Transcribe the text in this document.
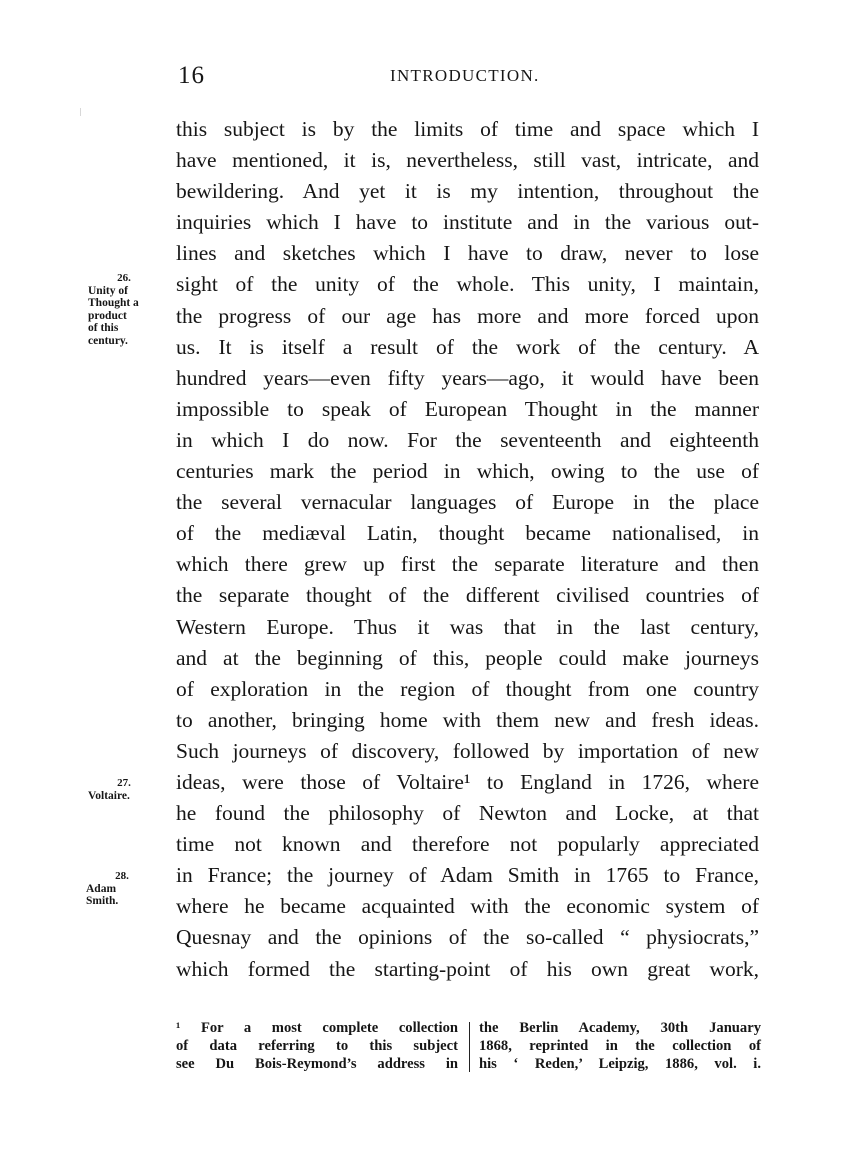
16	INTRODUCTION.
this subject is by the limits of time and space which I
have mentioned, it is, nevertheless, still vast, intricate, and
bewildering. And yet it is my intention, throughout the
inquiries which I have to institute and in the various out-
lines and sketches which I have to draw, never to lose
sight of the unity of the whole. This unity, I maintain,
the progress of our age has more and more forced upon
us. It is itself a result of the work of the century. A
hundred years—even fifty years—ago, it would have been
impossible to speak of European Thought in the manner
in which I do now. For the seventeenth and eighteenth
centuries mark the period in which, owing to the use of
the several vernacular languages of Europe in the place
of the mediæval Latin, thought became nationalised, in
which there grew up first the separate literature and then
the separate thought of the different civilised countries of
Western Europe. Thus it was that in the last century,
and at the beginning of this, people could make journeys
of exploration in the region of thought from one country
to another, bringing home with them new and fresh ideas.
Such journeys of discovery, followed by importation of new
ideas, were those of Voltaire¹ to England in 1726, where
he found the philosophy of Newton and Locke, at that
time not known and therefore not popularly appreciated
in France; the journey of Adam Smith in 1765 to France,
where he became acquainted with the economic system of
Quesnay and the opinions of the so-called “ physiocrats,”
which formed the starting-point of his own great work,
26.
Unity of
Thought a
product
of this
century.
27.
Voltaire.
28.
Adam
Smith.
¹ For a most complete collection
of data referring to this subject
see Du Bois-Reymond’s address in
the Berlin Academy, 30th January
1868, reprinted in the collection of
his ‘ Reden,’ Leipzig, 1886, vol. i.
